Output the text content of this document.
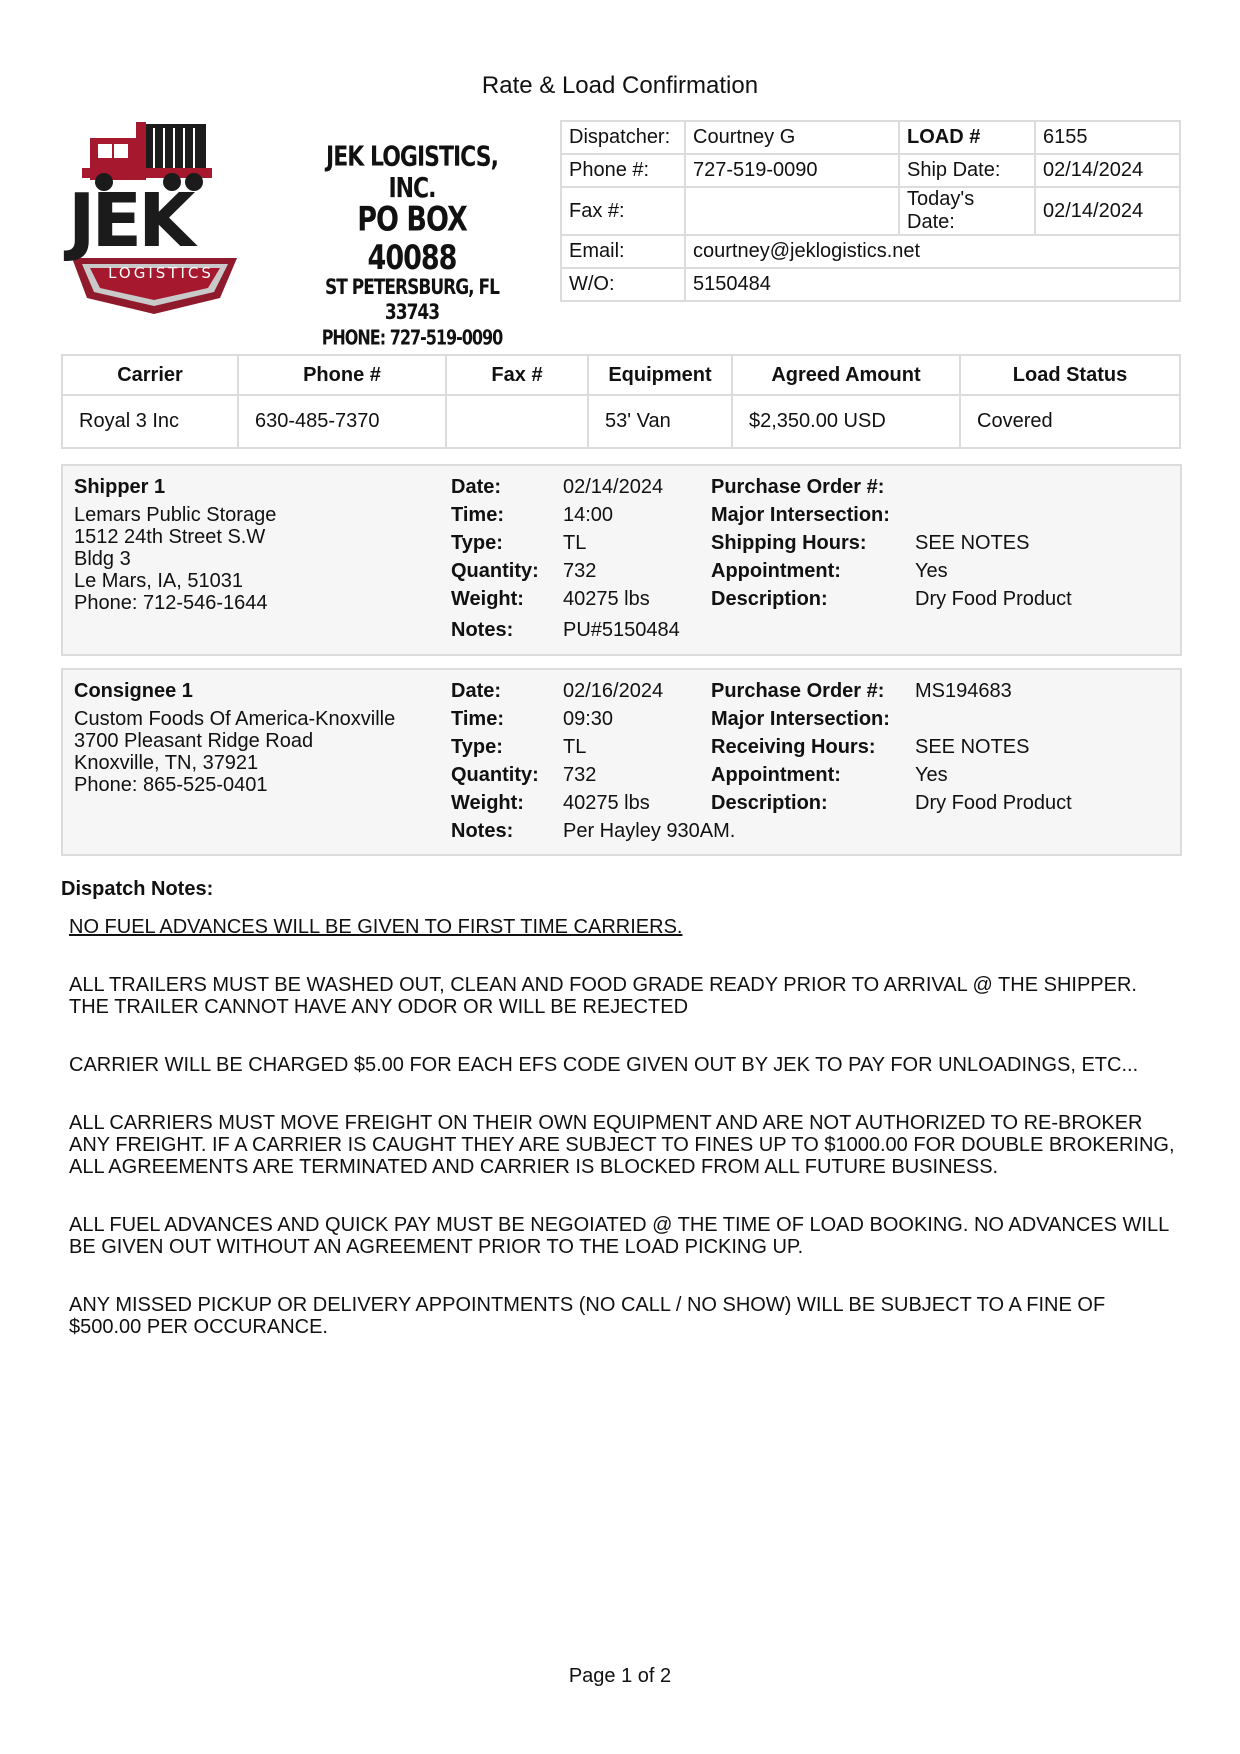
Rate & Load Confirmation
JEK
LOGISTICS
JEK LOGISTICS, INC.
PO BOX 40088
ST PETERSBURG, FL 33743
PHONE: 727-519-0090
Dispatcher:	Courtney G	LOAD #	6155
Phone #:	727-519-0090	Ship Date:	02/14/2024
Fax #:		Today's Date:	02/14/2024
Email:	courtney@jeklogistics.net		
W/O:	5150484		
Carrier	Phone #	Fax #	Equipment	Agreed Amount	Load Status
Royal 3 Inc	630-485-7370		53' Van	$2,350.00 USD	Covered
Shipper 1
Lemars Public Storage
1512 24th Street S.W
Bldg 3
Le Mars, IA, 51031
Phone: 712-546-1644
Date:	02/14/2024
Time:	14:00
Type:	TL
Quantity: 732
Weight: 40275 lbs
Notes: PU#5150484
Purchase Order #:
Major Intersection:
Shipping Hours: SEE NOTES
Appointment:	Yes
Description:	Dry Food Product
Consignee 1
Custom Foods Of America-Knoxville
3700 Pleasant Ridge Road
Knoxville, TN, 37921
Phone: 865-525-0401
Date:	02/16/2024
Time:	09:30
Type:	TL
Quantity: 732
Weight: 40275 lbs
Notes: Per Hayley 930AM.
Purchase Order #: MS194683
Major Intersection:
Receiving Hours: SEE NOTES
Appointment:	Yes
Description:	Dry Food Product
Dispatch Notes:

NO FUEL ADVANCES WILL BE GIVEN TO FIRST TIME CARRIERS.

ALL TRAILERS MUST BE WASHED OUT, CLEAN AND FOOD GRADE READY PRIOR TO ARRIVAL @ THE SHIPPER. THE TRAILER CANNOT HAVE ANY ODOR OR WILL BE REJECTED

CARRIER WILL BE CHARGED $5.00 FOR EACH EFS CODE GIVEN OUT BY JEK TO PAY FOR UNLOADINGS, ETC...

ALL CARRIERS MUST MOVE FREIGHT ON THEIR OWN EQUIPMENT AND ARE NOT AUTHORIZED TO RE-BROKER ANY FREIGHT. IF A CARRIER IS CAUGHT THEY ARE SUBJECT TO FINES UP TO $1000.00 FOR DOUBLE BROKERING, ALL AGREEMENTS ARE TERMINATED AND CARRIER IS BLOCKED FROM ALL FUTURE BUSINESS.

ALL FUEL ADVANCES AND QUICK PAY MUST BE NEGOIATED @ THE TIME OF LOAD BOOKING. NO ADVANCES WILL BE GIVEN OUT WITHOUT AN AGREEMENT PRIOR TO THE LOAD PICKING UP.

ANY MISSED PICKUP OR DELIVERY APPOINTMENTS (NO CALL / NO SHOW) WILL BE SUBJECT TO A FINE OF $500.00 PER OCCURANCE.

Page 1 of 2
